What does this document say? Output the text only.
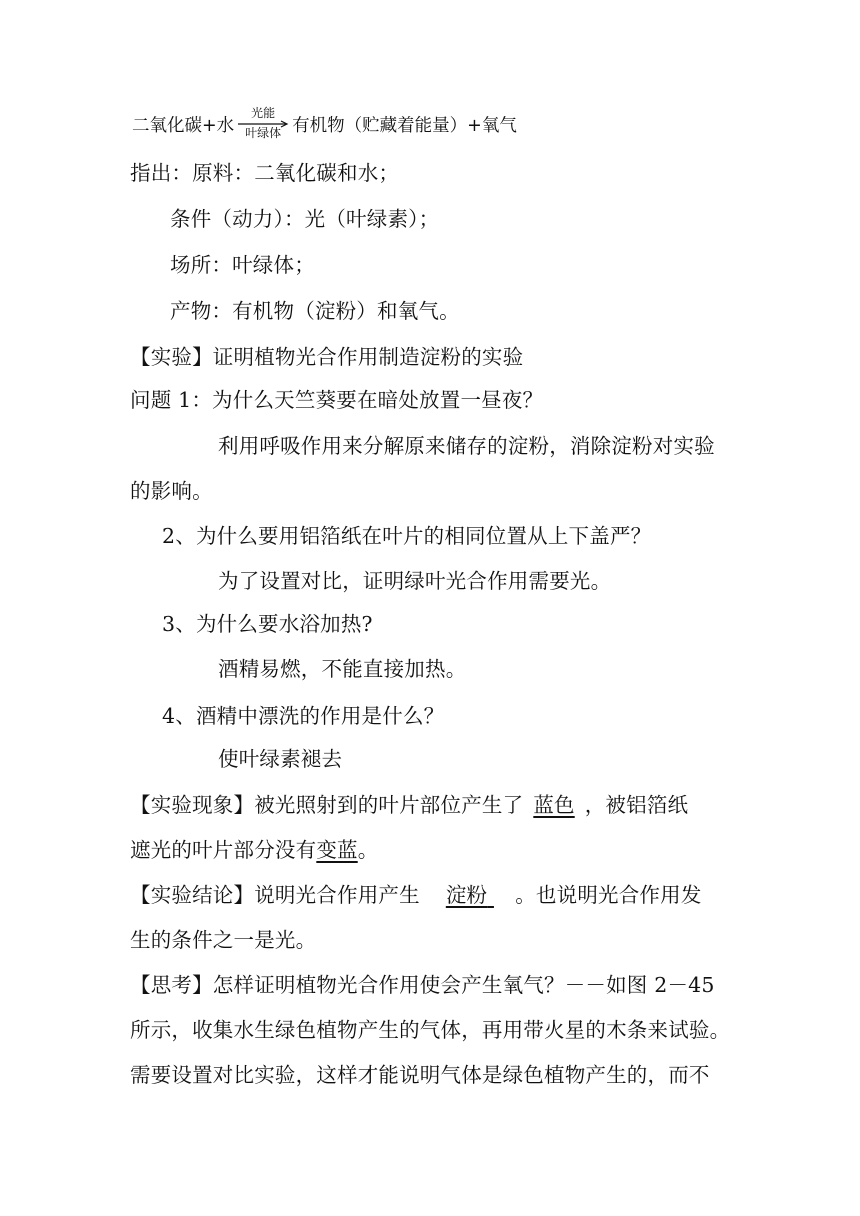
二氧化碳+水

光能

叶绿体

有机物（贮藏着能量）+氧气
指出：原料：二氧化碳和水；
条件（动力）：光（叶绿素）；
场所：叶绿体；
产物：有机物（淀粉）和氧气。
【实验】证明植物光合作用制造淀粉的实验
问题 1：为什么天竺葵要在暗处放置一昼夜？
利用呼吸作用来分解原来储存的淀粉，消除淀粉对实验
的影响。
2、为什么要用铝箔纸在叶片的相同位置从上下盖严？
为了设置对比，证明绿叶光合作用需要光。
3、为什么要水浴加热?
酒精易燃，不能直接加热。
4、酒精中漂洗的作用是什么？
使叶绿素褪去
【实验现象】被光照射到的叶片部位产生了 蓝色 ，被铝箔纸
遮光的叶片部分没有变蓝。
【实验结论】说明光合作用产生 淀粉 。也说明光合作用发
生的条件之一是光。
【思考】怎样证明植物光合作用使会产生氧气？－－如图 2－45
所示，收集水生绿色植物产生的气体，再用带火星的木条来试验。
需要设置对比实验，这样才能说明气体是绿色植物产生的，而不
